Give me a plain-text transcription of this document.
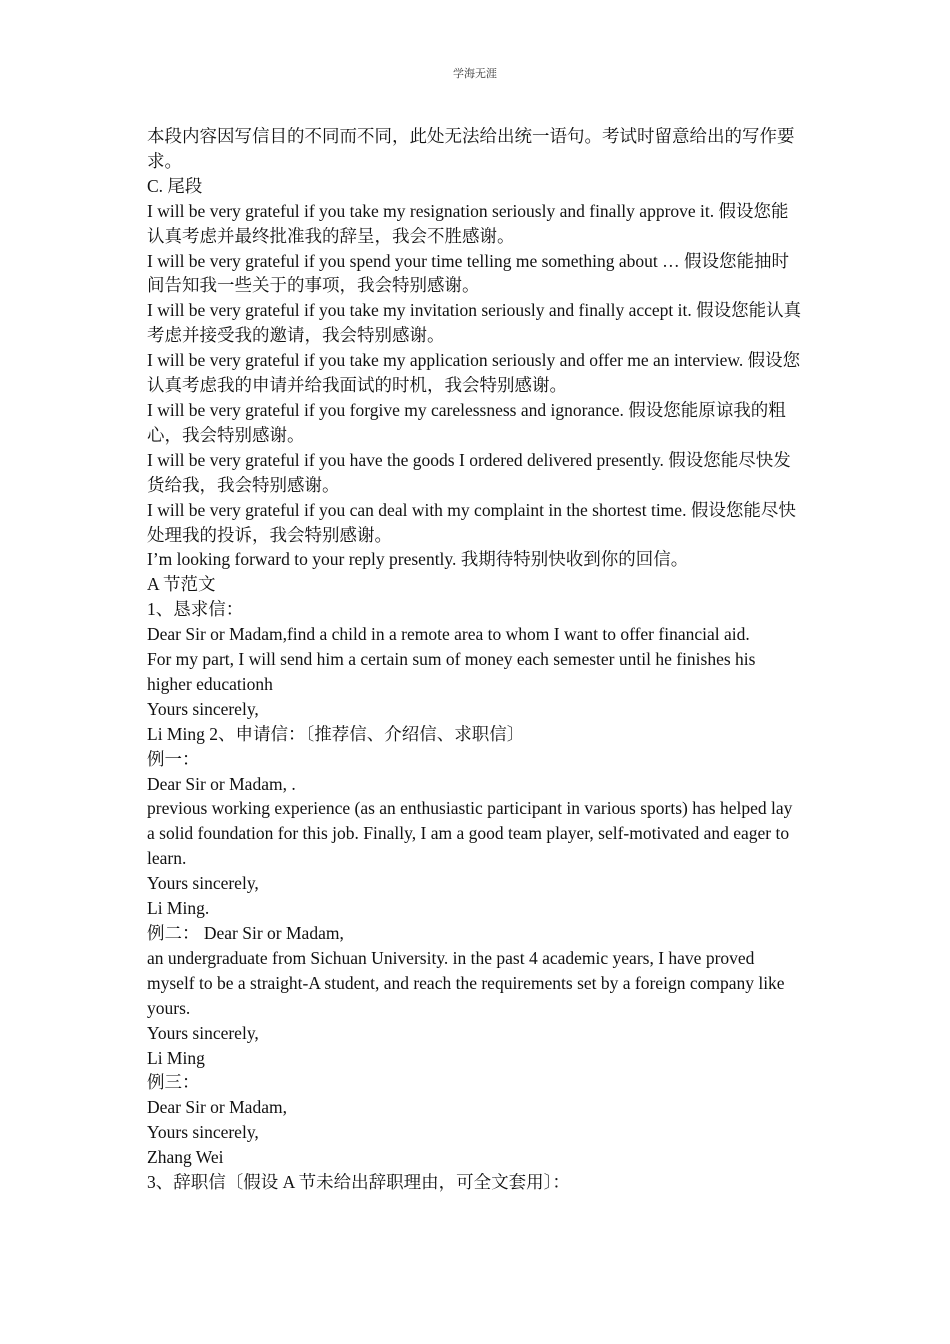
学海无涯

本段内容因写信目的不同而不同，此处无法给出统一语句。考试时留意给出的写作要求。

C. 尾段

I will be very grateful if you take my resignation seriously and finally approve it. 假设您能认真考虑并最终批准我的辞呈，我会不胜感谢。

I will be very grateful if you spend your time telling me something about … 假设您能抽时间告知我一些关于的事项，我会特别感谢。

I will be very grateful if you take my invitation seriously and finally accept it. 假设您能认真考虑并接受我的邀请，我会特别感谢。

I will be very grateful if you take my application seriously and offer me an interview. 假设您认真考虑我的申请并给我面试的时机，我会特别感谢。

I will be very grateful if you forgive my carelessness and ignorance. 假设您能原谅我的粗心，我会特别感谢。

I will be very grateful if you have the goods I ordered delivered presently. 假设您能尽快发货给我，我会特别感谢。

I will be very grateful if you can deal with my complaint in the shortest time. 假设您能尽快处理我的投诉，我会特别感谢。

I’m looking forward to your reply presently. 我期待特别快收到你的回信。

A 节范文

1、恳求信：

Dear Sir or Madam,find a child in a remote area to whom I want to offer financial aid.

For my part, I will send him a certain sum of money each semester until he finishes his higher educationh

Yours sincerely,

Li Ming 2、申请信：〔推荐信、介绍信、求职信〕

例一：

Dear Sir or Madam, .

previous working experience (as an enthusiastic participant in various sports) has helped lay a solid foundation for this job. Finally, I am a good team player, self-motivated and eager to learn.

Yours sincerely,

Li Ming.

例二： Dear Sir or Madam,

an undergraduate from Sichuan University. in the past 4 academic years, I have proved myself to be a straight-A student, and reach the requirements set by a foreign company like yours.

Yours sincerely,

Li Ming

例三：

Dear Sir or Madam,

Yours sincerely,

Zhang Wei

3、辞职信〔假设 A 节未给出辞职理由，可全文套用〕：
